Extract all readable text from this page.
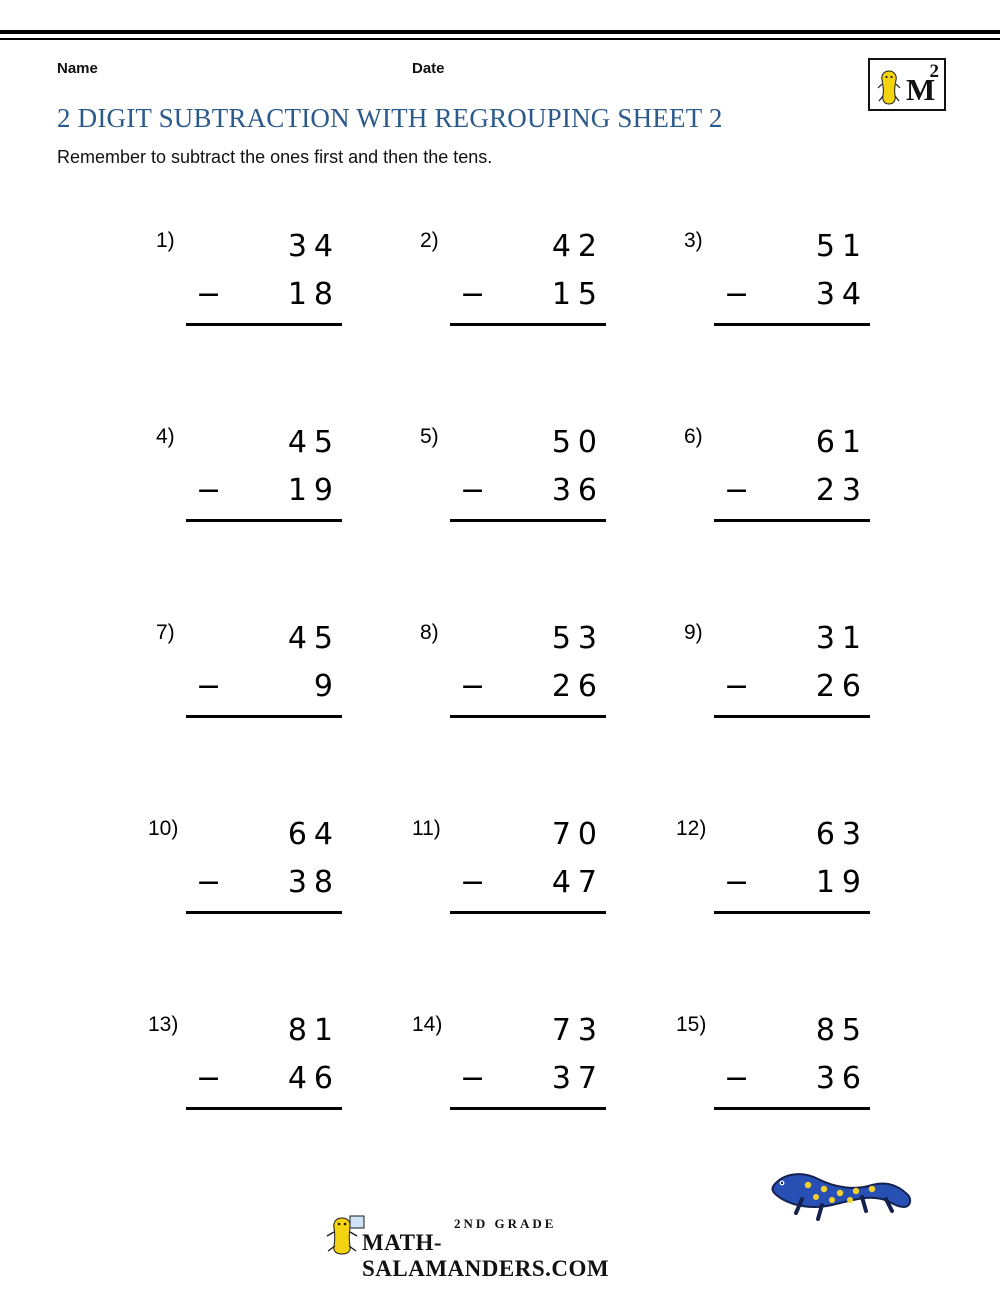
Name	Date
2 DIGIT SUBTRACTION WITH REGROUPING SHEET 2
Remember to subtract the ones first and then the tens.
2
M
1)	34
−	18
2)	42
−	15
3)	51
−	34
4)	45
−	19
5)	50
−	36
6)	61
−	23
7)	45
−	9
8)	53
−	26
9)	31
−	26
10)	64
−	38
11)	70
−	47
12)	63
−	19
13)	81
−	46
14)	73
−	37
15)	85
−	36
2ND GRADE
MATH-SALAMANDERS.COM
